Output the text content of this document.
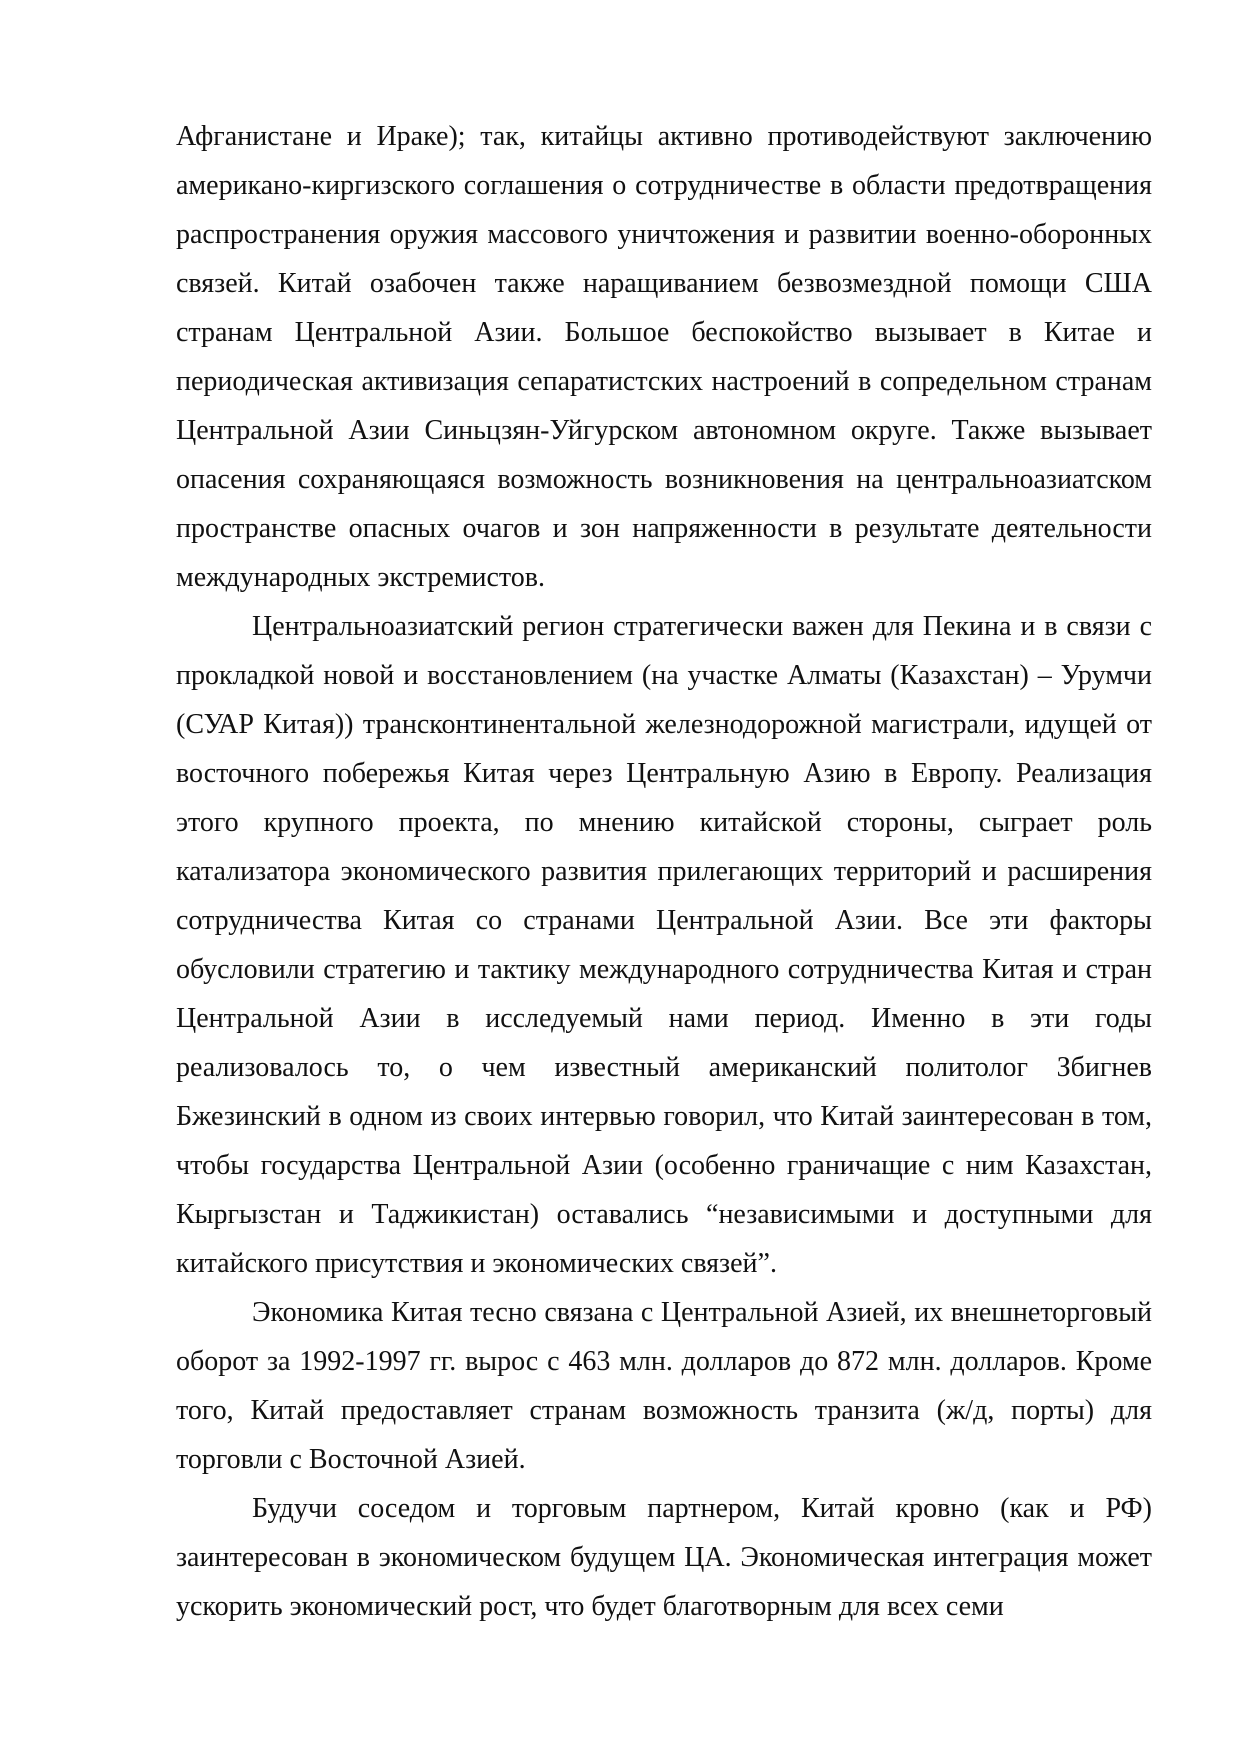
Афганистане и Ираке); так, китайцы активно противодействуют заключению американо-киргизского соглашения о сотрудничестве в области предотвращения распространения оружия массового уничтожения и развитии военно-оборонных связей. Китай озабочен также наращиванием безвозмездной помощи США странам Центральной Азии. Большое беспокойство вызывает в Китае и периодическая активизация сепаратистских настроений в сопредельном странам Центральной Азии Синьцзян-Уйгурском автономном округе. Также вызывает опасения сохраняющаяся возможность возникновения на центральноазиатском пространстве опасных очагов и зон напряженности в результате деятельности международных экстремистов.

Центральноазиатский регион стратегически важен для Пекина и в связи с прокладкой новой и восстановлением (на участке Алматы (Казахстан) – Урумчи (СУАР Китая)) трансконтинентальной железнодорожной магистрали, идущей от восточного побережья Китая через Центральную Азию в Европу. Реализация этого крупного проекта, по мнению китайской стороны, сыграет роль катализатора экономического развития прилегающих территорий и расширения сотрудничества Китая со странами Центральной Азии. Все эти факторы обусловили стратегию и тактику международного сотрудничества Китая и стран Центральной Азии в исследуемый нами период. Именно в эти годы реализовалось то, о чем известный американский политолог Збигнев Бжезинский в одном из своих интервью говорил, что Китай заинтересован в том, чтобы государства Центральной Азии (особенно граничащие с ним Казахстан, Кыргызстан и Таджикистан) оставались “независимыми и доступными для китайского присутствия и экономических связей”.

Экономика Китая тесно связана с Центральной Азией, их внешнеторговый оборот за 1992-1997 гг. вырос с 463 млн. долларов до 872 млн. долларов. Кроме того, Китай предоставляет странам возможность транзита (ж/д, порты) для торговли с Восточной Азией.

Будучи соседом и торговым партнером, Китай кровно (как и РФ) заинтересован в экономическом будущем ЦА. Экономическая интеграция может ускорить экономический рост, что будет благотворным для всех семи
